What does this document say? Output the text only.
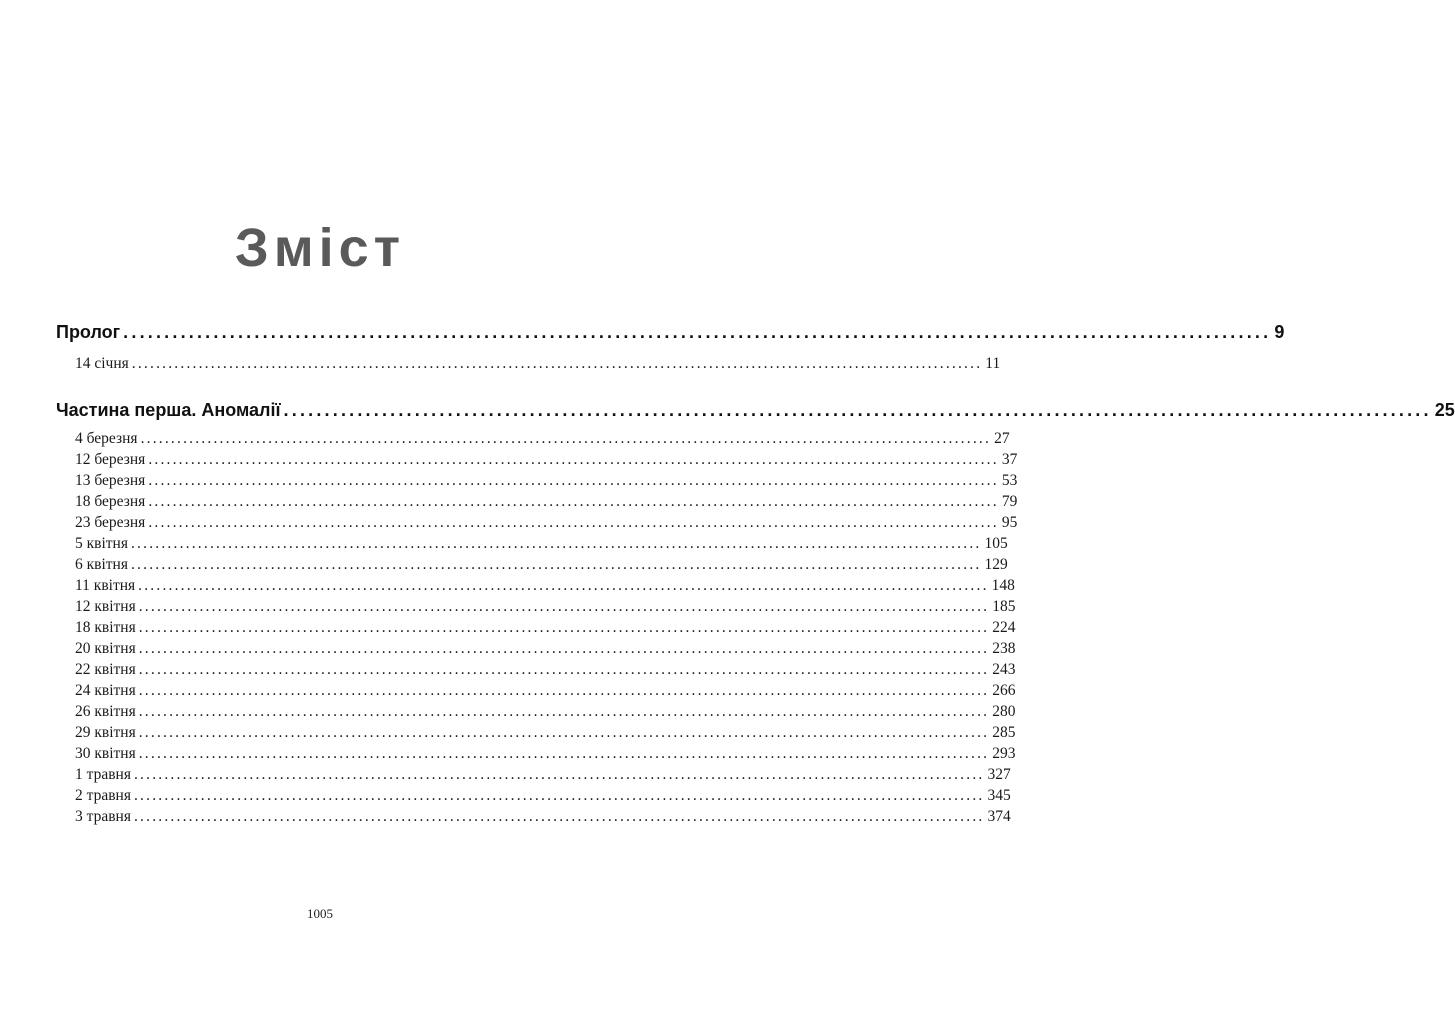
Зміст
Пролог ............................................................................................................................................ 9
14 січня ............................................................................................................................................ 11
Частина перша. Аномалії ............................................................................................................................................ 25
4 березня ............................................................................................................................................ 27
12 березня ............................................................................................................................................ 37
13 березня ............................................................................................................................................ 53
18 березня ............................................................................................................................................ 79
23 березня ............................................................................................................................................ 95
5 квітня ............................................................................................................................................ 105
6 квітня ............................................................................................................................................ 129
11 квітня ............................................................................................................................................ 148
12 квітня ............................................................................................................................................ 185
18 квітня ............................................................................................................................................ 224
20 квітня ............................................................................................................................................ 238
22 квітня ............................................................................................................................................ 243
24 квітня ............................................................................................................................................ 266
26 квітня ............................................................................................................................................ 280
29 квітня ............................................................................................................................................ 285
30 квітня ............................................................................................................................................ 293
1 травня ............................................................................................................................................ 327
2 травня ............................................................................................................................................ 345
3 травня ............................................................................................................................................ 374
1005
